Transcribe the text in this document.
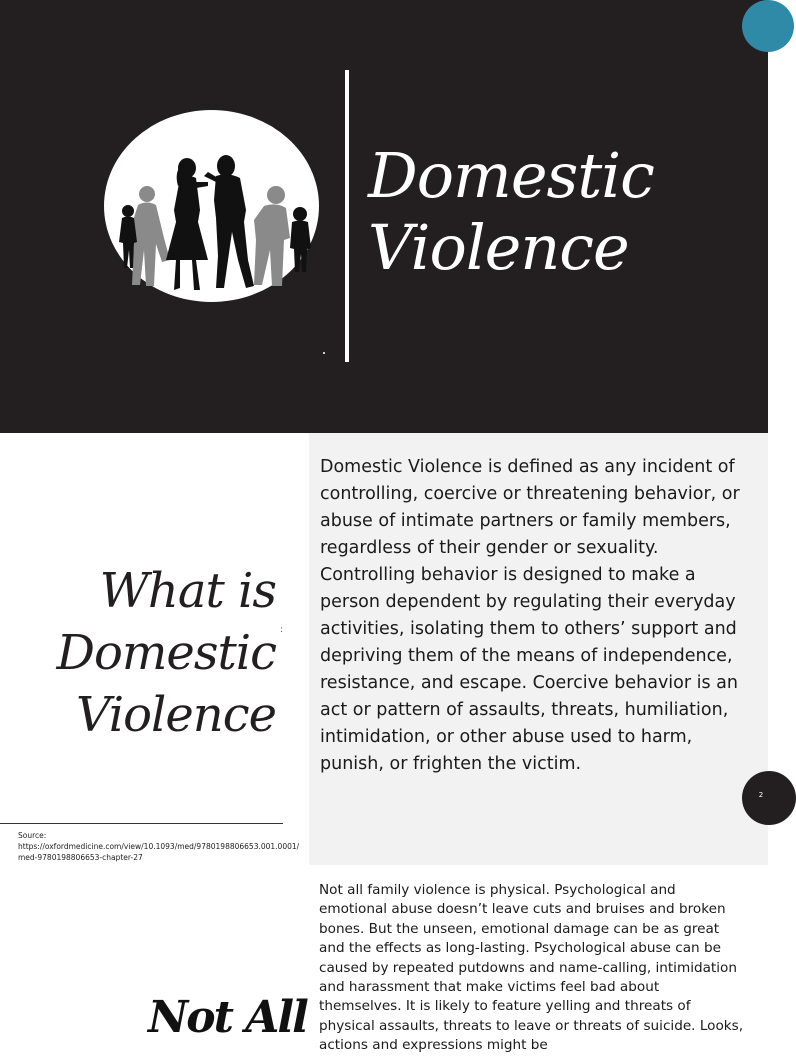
Domestic
Violence
What is
Domestic
Violence
:

Domestic Violence is defined as any incident of controlling, coercive or threatening behavior, or abuse of intimate partners or family members, regardless of their gender or sexuality. Controlling behavior is designed to make a person dependent by regulating their everyday activities, isolating them to others’ support and depriving them of the means of independence, resistance, and escape. Coercive behavior is an act or pattern of assaults, threats, humiliation, intimidation, or other abuse used to harm, punish, or frighten the victim.

Source:
https://oxfordmedicine.com/view/10.1093/med/9780198806653.001.0001/med-9780198806653-chapter-27
2

Not all family violence is physical. Psychological and emotional abuse doesn’t leave cuts and bruises and broken bones. But the unseen, emotional damage can be as great and the effects as long-lasting. Psychological abuse can be caused by repeated putdowns and name-calling, intimidation and harassment that make victims feel bad about themselves. It is likely to feature yelling and threats of physical assaults, threats to leave or threats of suicide. Looks, actions and expressions might be

Not All
